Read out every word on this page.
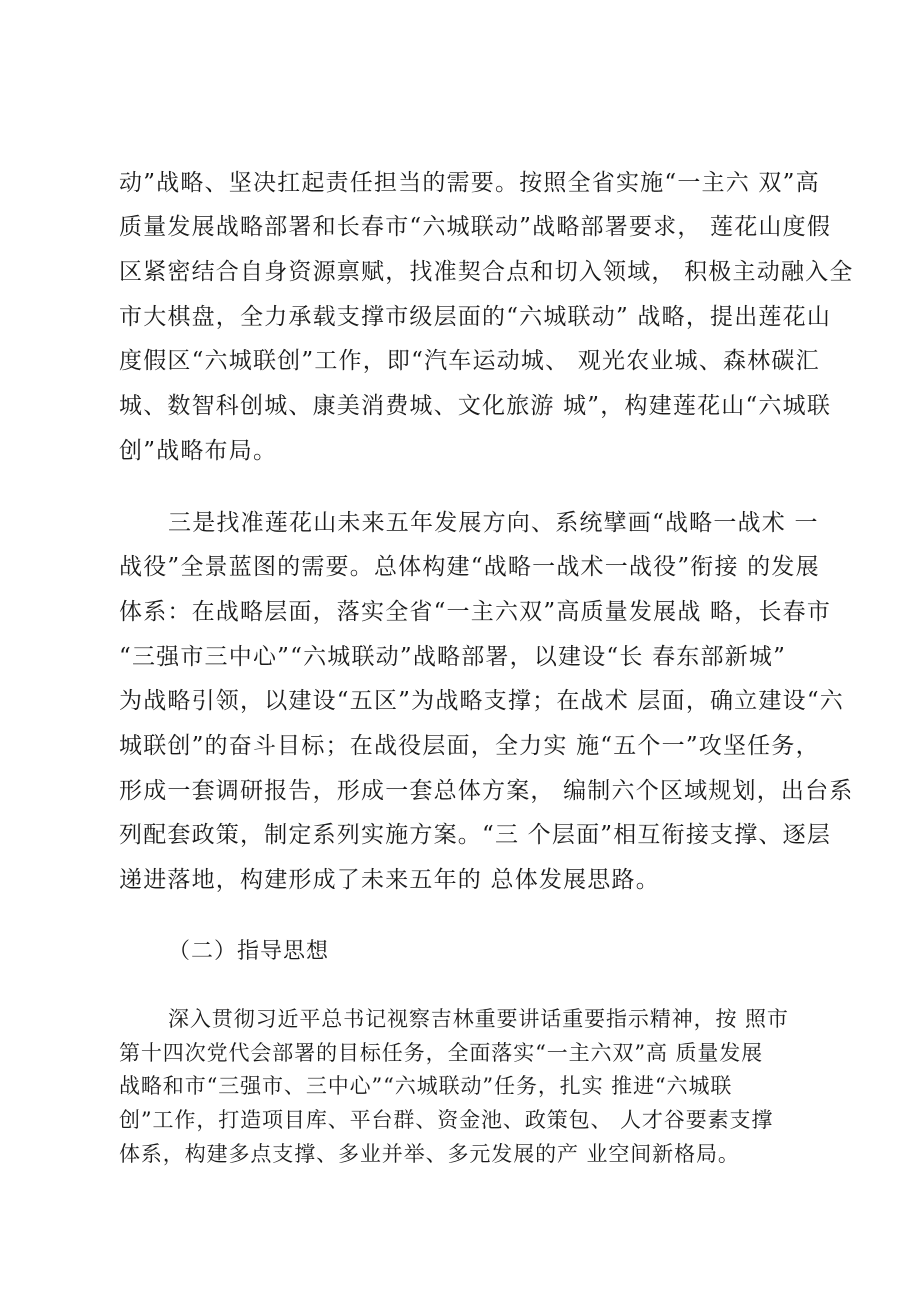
动”战略、坚决扛起责任担当的需要。按照全省实施“一主六 双”高
质量发展战略部署和长春市“六城联动”战略部署要求， 莲花山度假
区紧密结合自身资源禀赋，找准契合点和切入领域， 积极主动融入全
市大棋盘，全力承载支撑市级层面的“六城联动” 战略，提出莲花山
度假区“六城联创”工作，即“汽车运动城、 观光农业城、森林碳汇
城、数智科创城、康美消费城、文化旅游 城”，构建莲花山“六城联
创”战略布局。
三是找准莲花山未来五年发展方向、系统擘画“战略一战术 一
战役”全景蓝图的需要。总体构建“战略一战术一战役”衔接 的发展
体系：在战略层面，落实全省“一主六双”高质量发展战 略，长春市
“三强市三中心”“六城联动”战略部署，以建设“长 春东部新城”
为战略引领，以建设“五区”为战略支撑；在战术 层面，确立建设“六
城联创”的奋斗目标；在战役层面，全力实 施“五个一”攻坚任务，
形成一套调研报告，形成一套总体方案， 编制六个区域规划，出台系
列配套政策，制定系列实施方案。“三 个层面”相互衔接支撑、逐层
递进落地，构建形成了未来五年的 总体发展思路。
（二）指导思想
深入贯彻习近平总书记视察吉林重要讲话重要指示精神，按 照市
第十四次党代会部署的目标任务，全面落实“一主六双”高 质量发展
战略和市“三强市、三中心”“六城联动”任务，扎实 推进“六城联
创”工作，打造项目库、平台群、资金池、政策包、 人才谷要素支撑
体系，构建多点支撑、多业并举、多元发展的产 业空间新格局。
